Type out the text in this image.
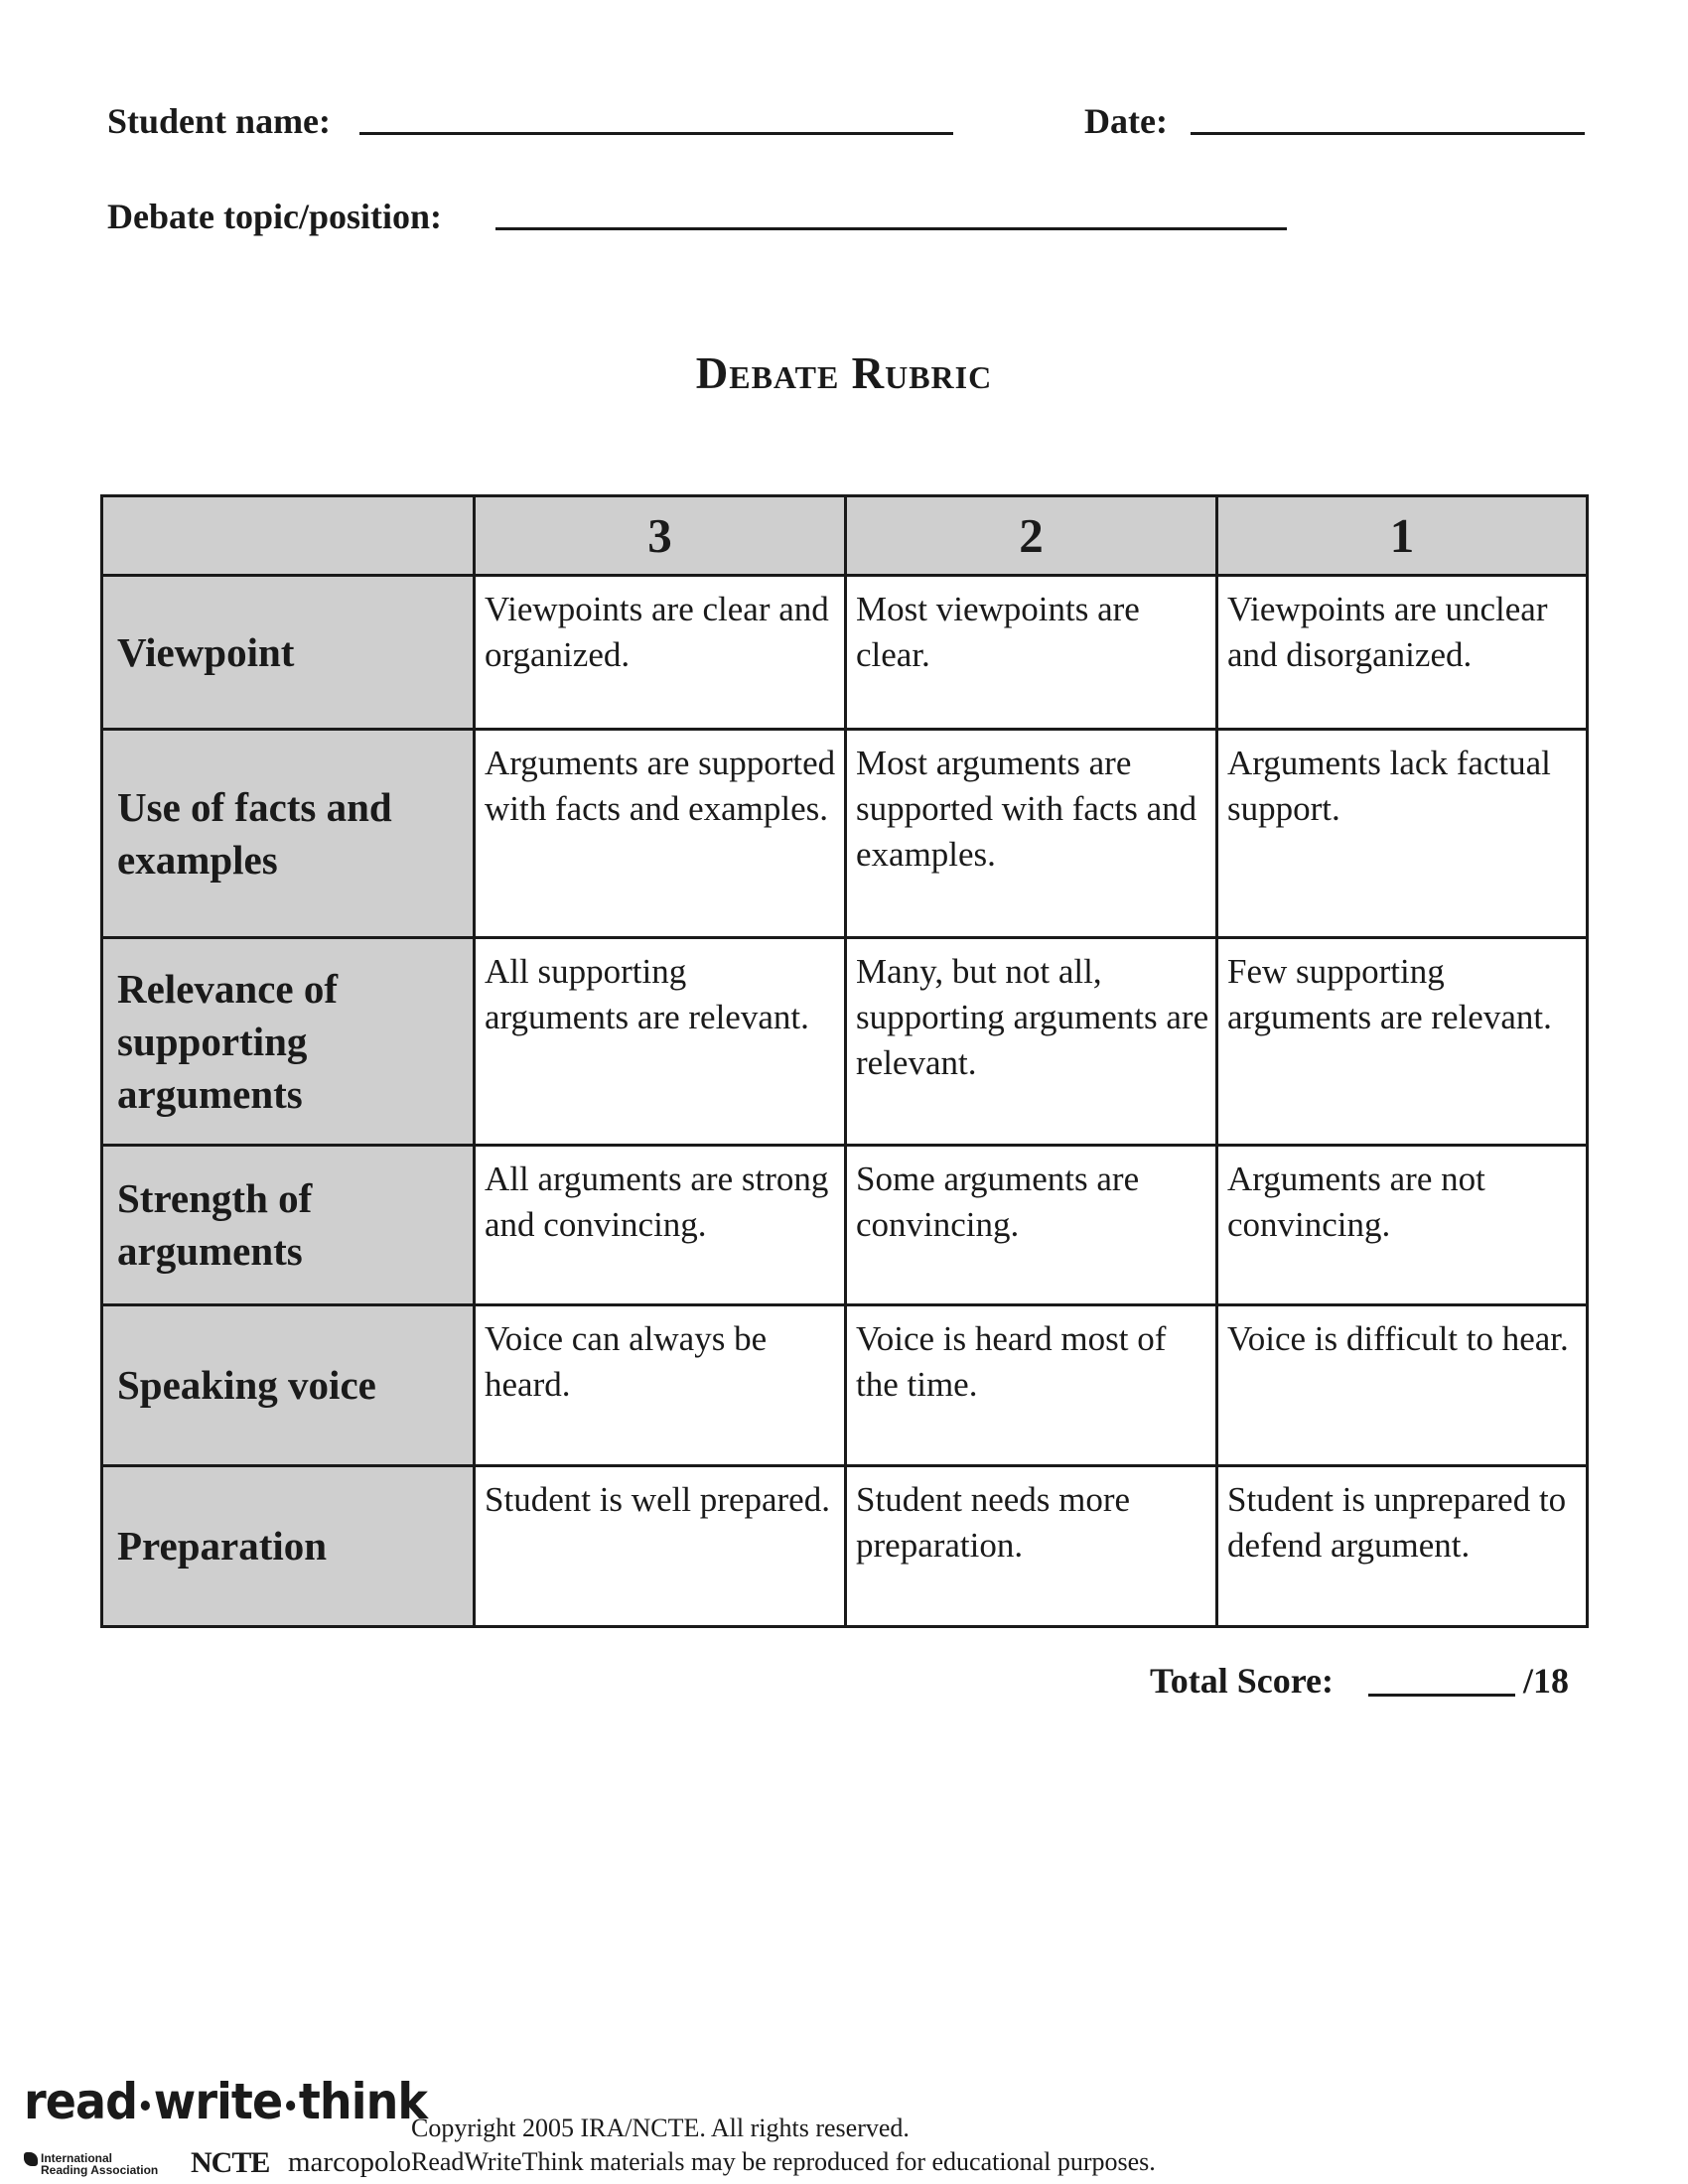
Student name:	Date:
Debate topic/position:
Debate Rubric
	3	2	1
Viewpoint	Viewpoints are clear and organized.	Most viewpoints are clear.	Viewpoints are unclear and disorganized.
Use of facts and examples	Arguments are supported with facts and examples.	Most arguments are supported with facts and examples.	Arguments lack factual support.
Relevance of supporting arguments	All supporting arguments are relevant.	Many, but not all, supporting arguments are relevant.	Few supporting arguments are relevant.
Strength of arguments	All arguments are strong and convincing.	Some arguments are convincing.	Arguments are not convincing.
Speaking voice	Voice can always be heard.	Voice is heard most of the time.	Voice is difficult to hear.
Preparation	Student is well prepared.	Student needs more preparation.	Student is unprepared to defend argument.
Total Score:	/18
read write think
International
Reading Association NCTE marcopolo
Copyright 2005 IRA/NCTE. All rights reserved.
ReadWriteThink materials may be reproduced for educational purposes.
